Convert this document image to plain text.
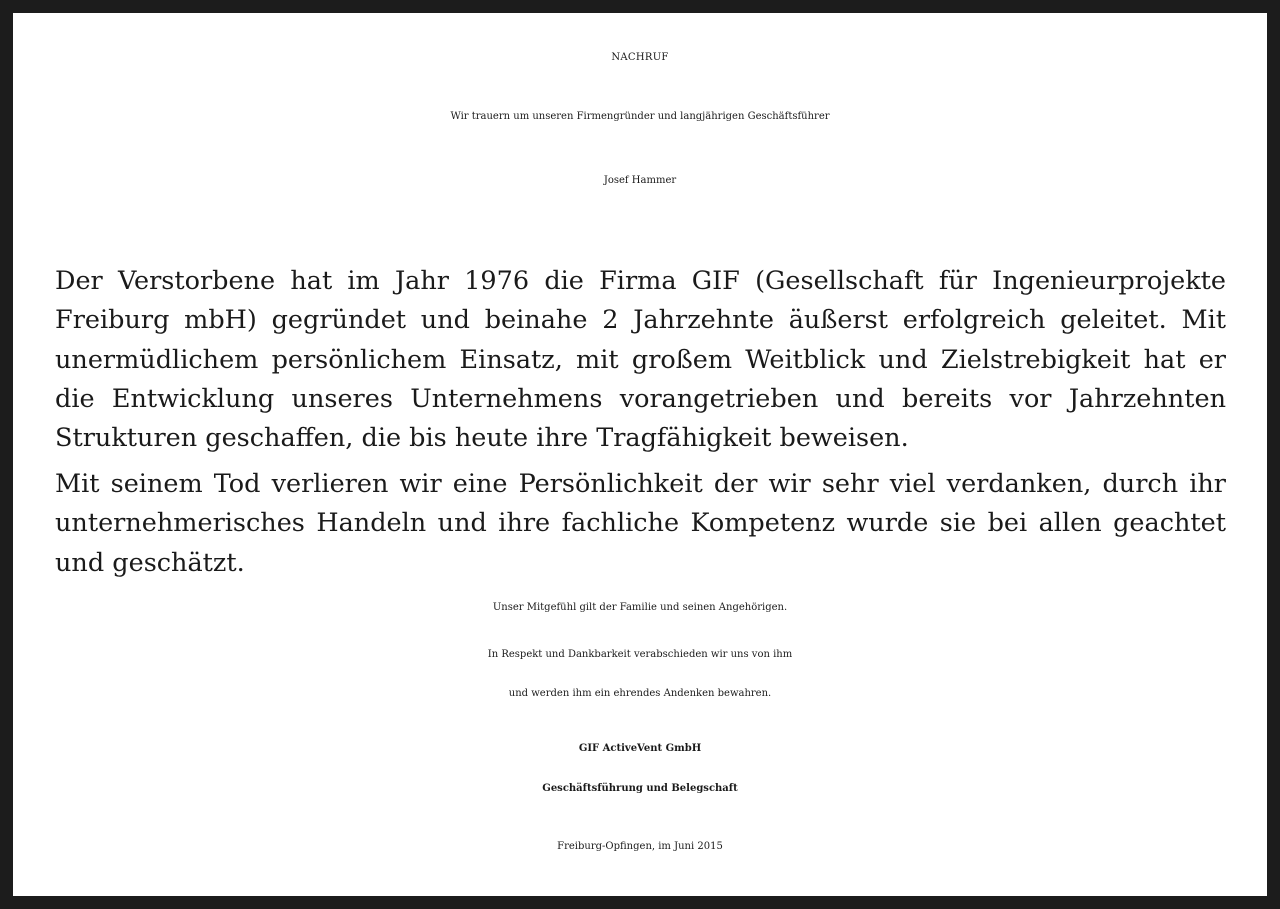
NACHRUF
Wir trauern um unseren Firmengründer und langjährigen Geschäftsführer
Josef Hammer

Der Verstorbene hat im Jahr 1976 die Firma GIF (Gesellschaft für Ingenieurprojekte Freiburg mbH) gegründet und beinahe 2 Jahrzehnte äußerst erfolgreich geleitet. Mit unermüdlichem persönlichem Einsatz, mit großem Weitblick und Zielstrebigkeit hat er die Entwicklung unseres Unternehmens vorangetrieben und bereits vor Jahrzehnten Strukturen geschaffen, die bis heute ihre Tragfähigkeit beweisen.

Mit seinem Tod verlieren wir eine Persönlichkeit der wir sehr viel verdanken, durch ihr unternehmerisches Handeln und ihre fachliche Kompetenz wurde sie bei allen geachtet und geschätzt.

Unser Mitgefühl gilt der Familie und seinen Angehörigen.
In Respekt und Dankbarkeit verabschieden wir uns von ihm
und werden ihm ein ehrendes Andenken bewahren.
GIF ActiveVent GmbH
Geschäftsführung und Belegschaft
Freiburg-Opfingen, im Juni 2015
